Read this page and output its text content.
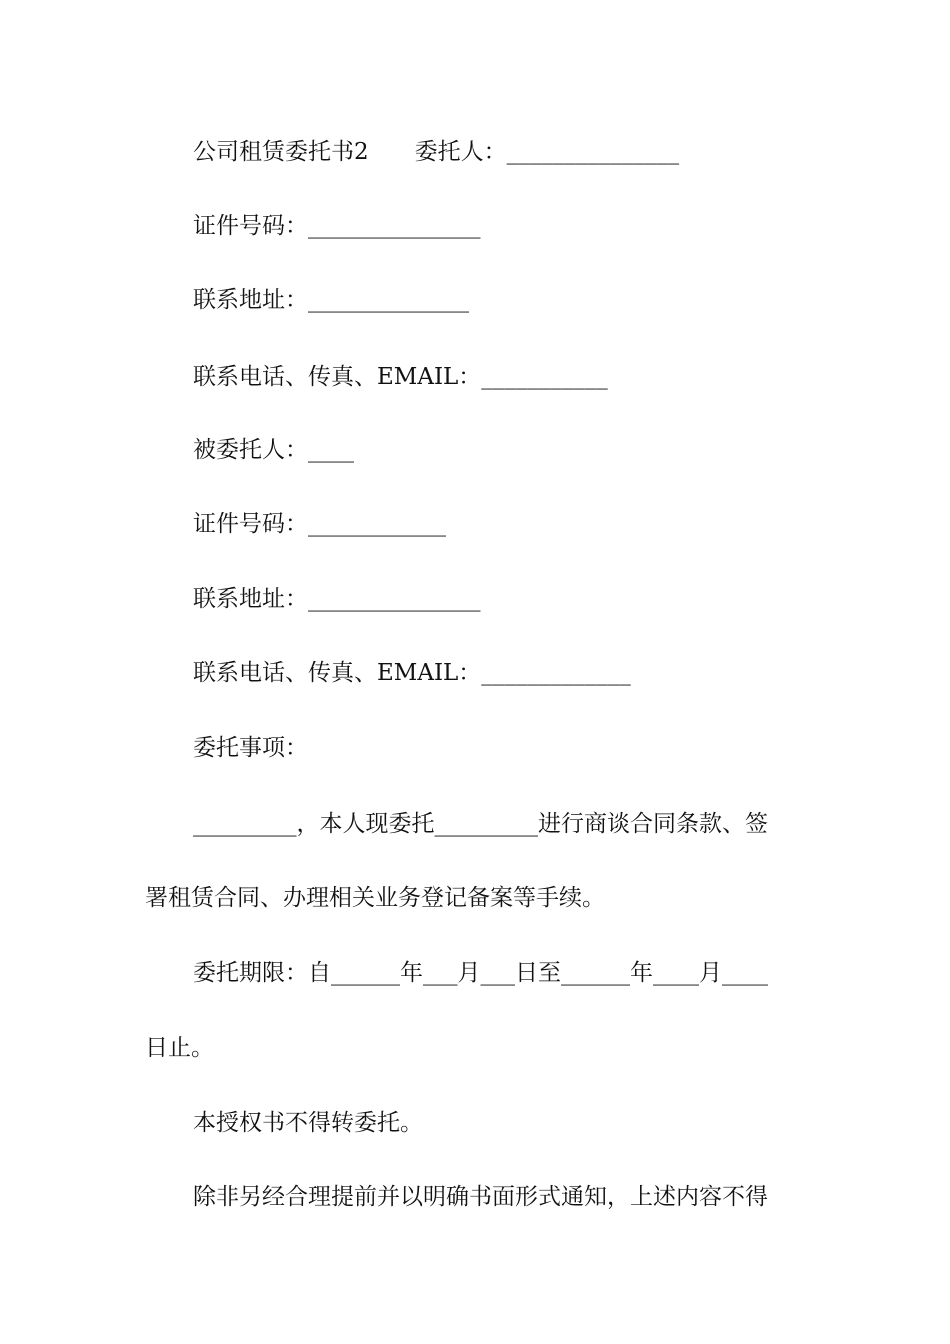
公司租赁委托书2　　委托人：_______________
证件号码：_______________
联系地址：______________
联系电话、传真、EMAIL：___________
被委托人：____
证件号码：____________
联系地址：_______________
联系电话、传真、EMAIL：_____________
委托事项：
_________，本人现委托_________进行商谈合同条款、签
署租赁合同、办理相关业务登记备案等手续。
委托期限：自______年___月___日至______年____月____
日止。
本授权书不得转委托。
除非另经合理提前并以明确书面形式通知，上述内容不得
